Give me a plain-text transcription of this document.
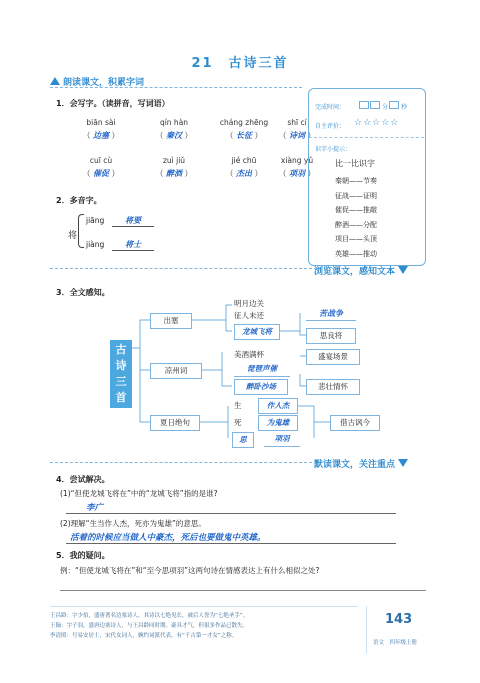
21　古诗三首
朗读课文，积累字词
1．会写字。（读拼音，写词语）
biān sài	qín hàn	cháng zhēng	shī cí
（ 边塞 ）	（ 秦汉 ）	（ 长征 ）	（ 诗词 ）
cuī cù	zuì jiǔ	jié chū	xiàng yǔ
（ 催促 ）	（ 醉酒 ）	（ 杰出 ）	（ 项羽 ）
2．多音字。
将
jiāng	将要
jiàng	将士
完成时间：	分 秒
自主评价： ☆☆☆☆☆
识字小提示：
比一比识字
秦朝——节奏
征战——证明
催促——推敲
醉酒——分配
项目——头顶
英雄——推动
浏览课文，感知文本
3．全文感知。
古
诗
三
首
出塞
凉州词
夏日绝句
明月边关
征人未还
龙城飞将
苦战争
思良将
美酒满杯
琵琶声催
醉卧沙场
盛宴场景
悲壮情怀
生	作人杰
死	为鬼雄
思	项羽
借古讽今
默读课文，关注重点
4．尝试解决。
(1)“但使龙城飞将在”中的“龙城飞将”指的是谁?
李广
(2)理解“生当作人杰，死亦为鬼雄”的意思。
活着的时候应当做人中豪杰，死后也要做鬼中英雄。
5．我的疑问。
例：“但使龙城飞将在”和“至今思项羽”这两句诗在情感表达上有什么相似之处?
王昌龄：字少伯，盛唐著名边塞诗人。其诗以七绝见长，被后人誉为“七绝圣手”。
王翰：字子羽，盛唐边塞诗人，与王昌龄同时期。豪具才气，但很多作品已散失。
李清照：号易安居士，宋代女词人，婉约词派代表，有“千古第一才女”之称。
143
语文　四年级上册
